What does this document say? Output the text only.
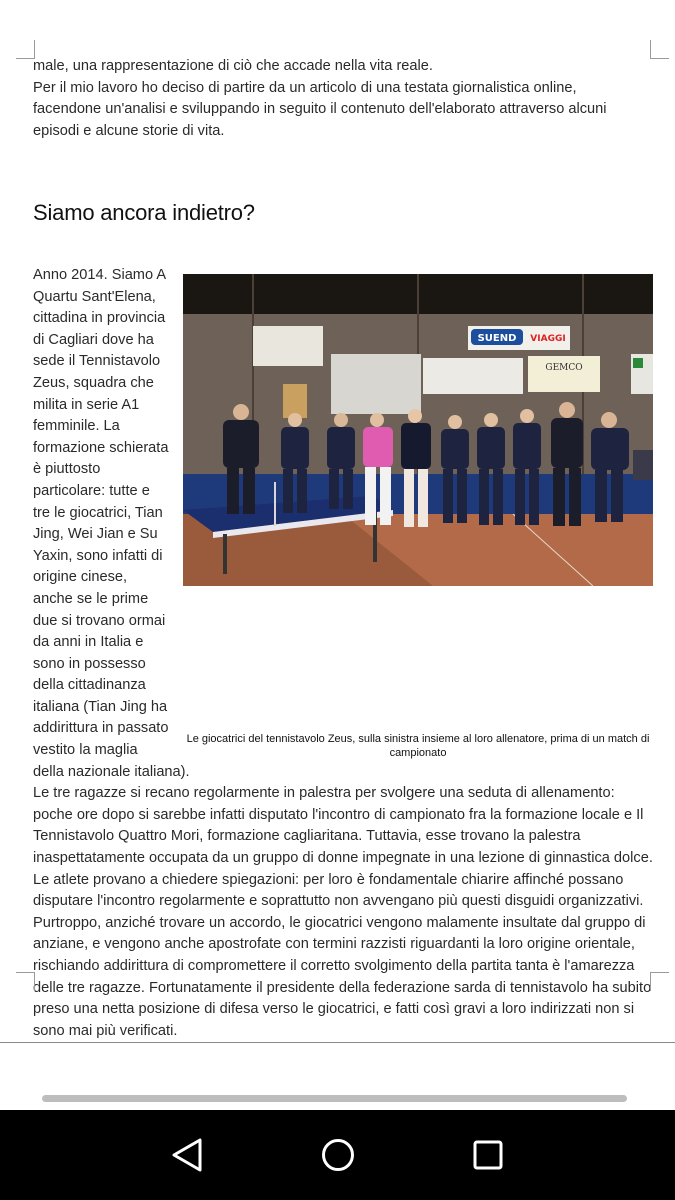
male, una rappresentazione di ciò che accade nella vita reale.

Per il mio lavoro ho deciso di partire da un articolo di una testata giornalistica online, facendone un'analisi e sviluppando in seguito il contenuto dell'elaborato attraverso alcuni episodi e alcune storie di vita.

Siamo ancora indietro?
SUEND VIAGGI
GEMCO
Le giocatrici del tennistavolo Zeus, sulla sinistra insieme al loro allenatore, prima di un match di campionato

Anno 2014. Siamo A Quartu Sant'Elena, cittadina in provincia di Cagliari dove ha sede il Tennistavolo Zeus, squadra che milita in serie A1 femminile. La formazione schierata è piuttosto particolare: tutte e tre le giocatrici, Tian Jing, Wei Jian e Su Yaxin, sono infatti di origine cinese, anche se le prime due si trovano ormai da anni in Italia e sono in possesso della cittadinanza italiana (Tian Jing ha addirittura in passato vestito la maglia della nazionale italiana).

Le tre ragazze si recano regolarmente in palestra per svolgere una seduta di allenamento: poche ore dopo si sarebbe infatti disputato l'incontro di campionato fra la formazione locale e Il Tennistavolo Quattro Mori, formazione cagliaritana. Tuttavia, esse trovano la palestra inaspettatamente occupata da un gruppo di donne impegnate in una lezione di ginnastica dolce. Le atlete provano a chiedere spiegazioni: per loro è fondamentale chiarire affinché possano disputare l'incontro regolarmente e soprattutto non avvengano più questi disguidi organizzativi. Purtroppo, anziché trovare un accordo, le giocatrici vengono malamente insultate dal gruppo di anziane, e vengono anche apostrofate con termini razzisti riguardanti la loro origine orientale, rischiando addirittura di compromettere il corretto svolgimento della partita tanta è l'amarezza delle tre ragazze. Fortunatamente il presidente della federazione sarda di tennistavolo ha subito preso una netta posizione di difesa verso le giocatrici, e fatti così gravi a loro indirizzati non si sono mai più verificati.
